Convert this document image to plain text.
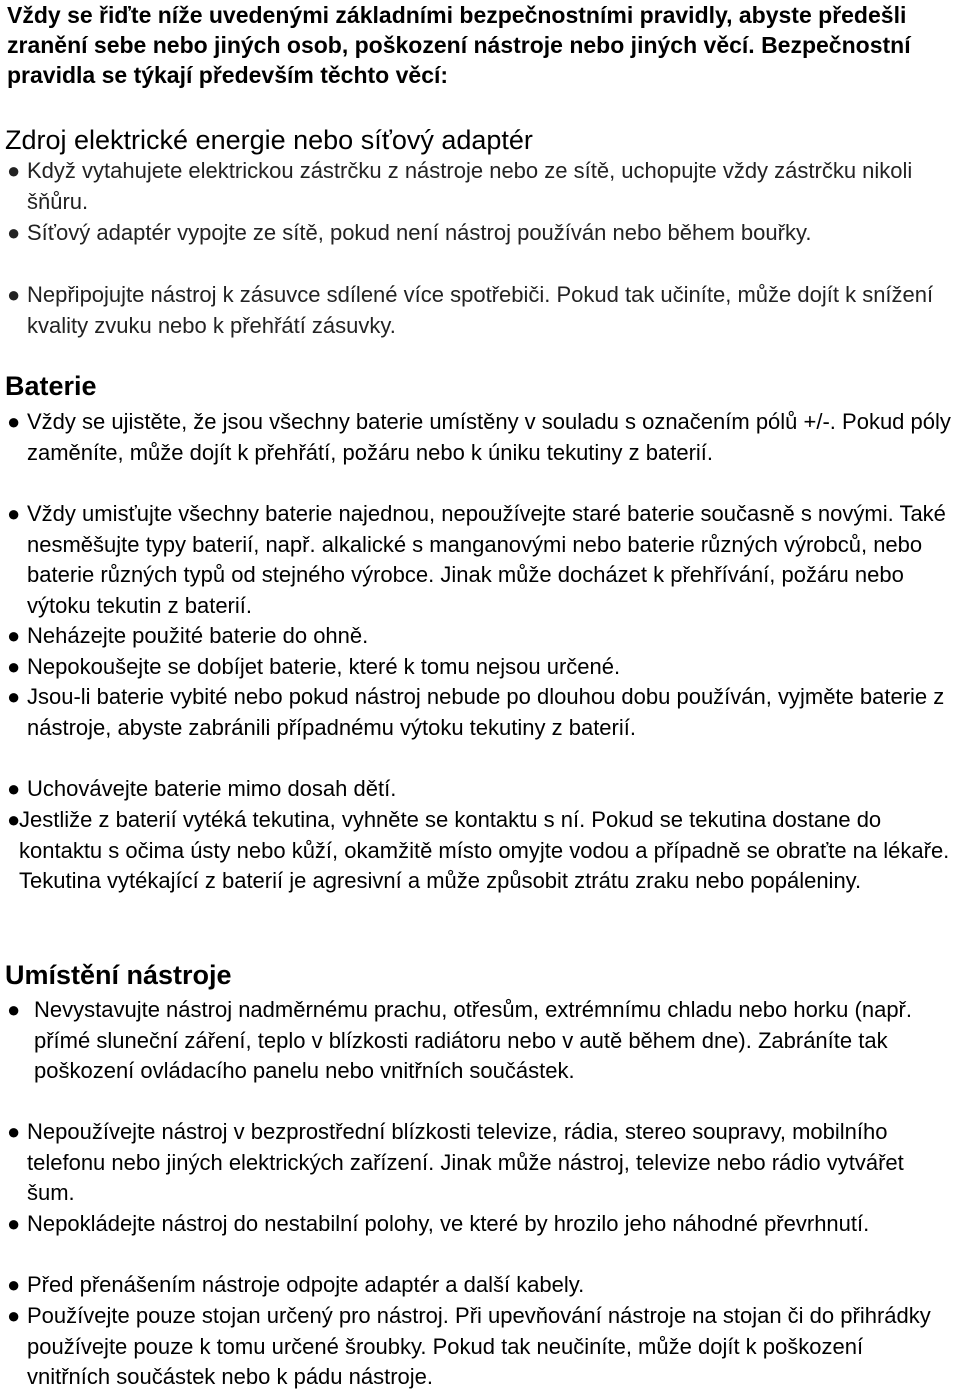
Vždy se řiďte níže uvedenými základními bezpečnostními pravidly, abyste předešli zranění sebe nebo jiných osob, poškození nástroje nebo jiných věcí. Bezpečnostní pravidla se týkají především těchto věcí:
Zdroj elektrické energie nebo síťový adaptér
● Když vytahujete elektrickou zástrčku z nástroje nebo ze sítě, uchopujte vždy zástrčku nikoli šňůru.
● Síťový adaptér vypojte ze sítě, pokud není nástroj používán nebo během bouřky.
● Nepřipojujte nástroj k zásuvce sdílené více spotřebiči. Pokud tak učiníte, může dojít k snížení kvality zvuku nebo k přehřátí zásuvky.
Baterie
● Vždy se ujistěte, že jsou všechny baterie umístěny v souladu s označením pólů +/-. Pokud póly zaměníte, může dojít k přehřátí, požáru nebo k úniku tekutiny z baterií.
● Vždy umisťujte všechny baterie najednou, nepoužívejte staré baterie současně s novými. Také nesměšujte typy baterií, např. alkalické s manganovými nebo baterie různých výrobců, nebo baterie různých typů od stejného výrobce. Jinak může docházet k přehřívání, požáru nebo výtoku tekutin z baterií.
● Neházejte použité baterie do ohně.
● Nepokoušejte se dobíjet baterie, které k tomu nejsou určené.
● Jsou-li baterie vybité nebo pokud nástroj nebude po dlouhou dobu používán, vyjměte baterie z nástroje, abyste zabránili případnému výtoku tekutiny z baterií.
● Uchovávejte baterie mimo dosah dětí.
●
Jestliže z baterií vytéká tekutina, vyhněte se kontaktu s ní. Pokud se tekutina dostane do kontaktu s očima ústy nebo kůží, okamžitě místo omyjte vodou a případně se obraťte na lékaře. Tekutina vytékající z baterií je agresivní a může způsobit ztrátu zraku nebo popáleniny.
Umístění nástroje
● Nevystavujte nástroj nadměrnému prachu, otřesům, extrémnímu chladu nebo horku (např. přímé sluneční záření, teplo v blízkosti radiátoru nebo v autě během dne). Zabráníte tak poškození ovládacího panelu nebo vnitřních součástek.
● Nepoužívejte nástroj v bezprostřední blízkosti televize, rádia, stereo soupravy, mobilního telefonu nebo jiných elektrických zařízení. Jinak může nástroj, televize nebo rádio vytvářet šum.
● Nepokládejte nástroj do nestabilní polohy, ve které by hrozilo jeho náhodné převrhnutí.
● Před přenášením nástroje odpojte adaptér a další kabely.
● Používejte pouze stojan určený pro nástroj. Při upevňování nástroje na stojan či do přihrádky používejte pouze k tomu určené šroubky. Pokud tak neučiníte, může dojít k poškození vnitřních součástek nebo k pádu nástroje.
